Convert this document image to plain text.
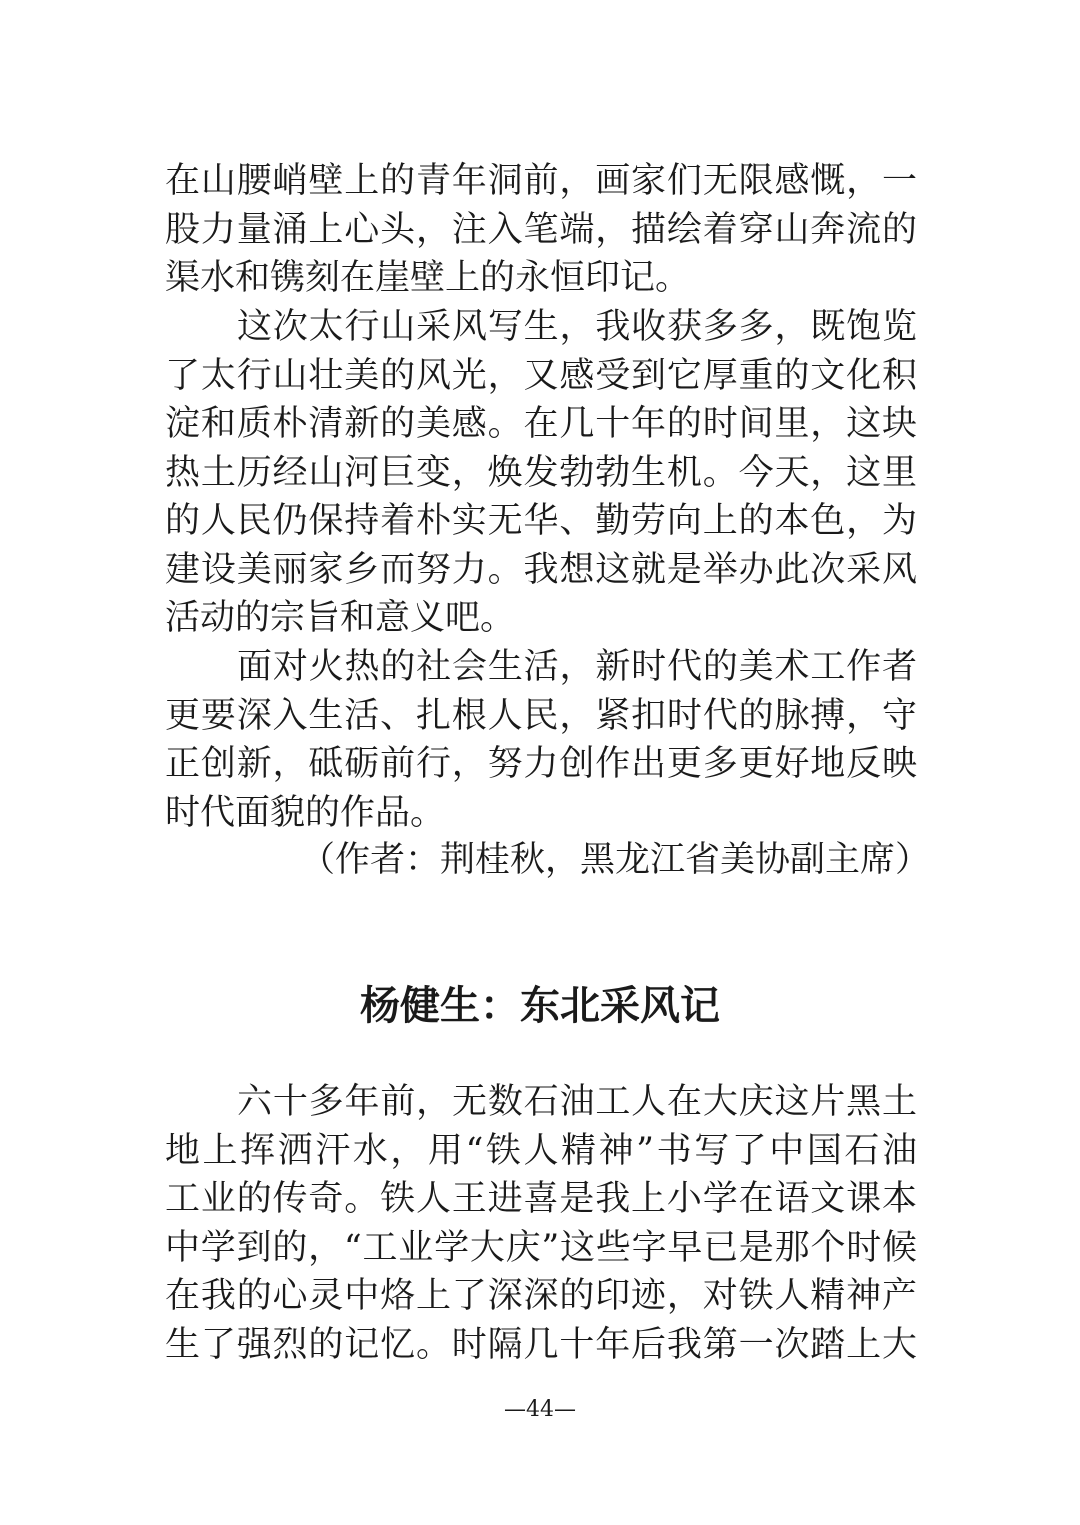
在山腰峭壁上的青年洞前，画家们无限感慨，一
股力量涌上心头，注入笔端，描绘着穿山奔流的
渠水和镌刻在崖壁上的永恒印记。
这次太行山采风写生，我收获多多，既饱览
了太行山壮美的风光，又感受到它厚重的文化积
淀和质朴清新的美感。在几十年的时间里，这块
热土历经山河巨变，焕发勃勃生机。今天，这里
的人民仍保持着朴实无华、勤劳向上的本色，为
建设美丽家乡而努力。我想这就是举办此次采风
活动的宗旨和意义吧。
面对火热的社会生活，新时代的美术工作者
更要深入生活、扎根人民，紧扣时代的脉搏，守
正创新，砥砺前行，努力创作出更多更好地反映
时代面貌的作品。
（作者：荆桂秋，黑龙江省美协副主席）
杨健生：东北采风记
六十多年前，无数石油工人在大庆这片黑土
地上挥洒汗水，用“铁人精神”书写了中国石油
工业的传奇。铁人王进喜是我上小学在语文课本
中学到的，“工业学大庆”这些字早已是那个时候
在我的心灵中烙上了深深的印迹，对铁人精神产
生了强烈的记忆。时隔几十年后我第一次踏上大
—44—
